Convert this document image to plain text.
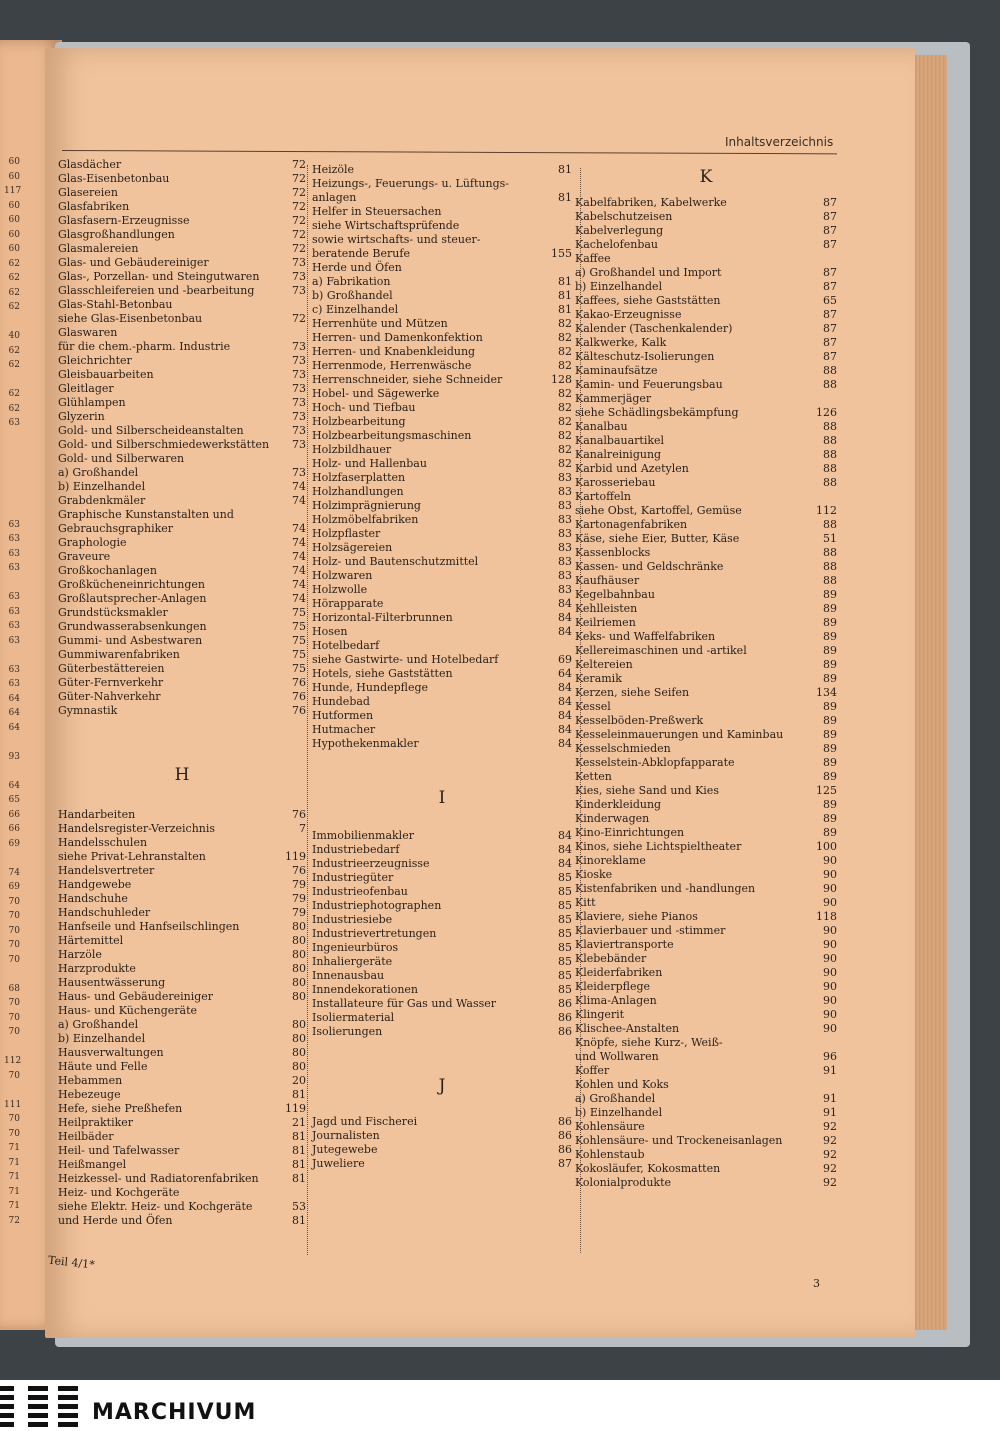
60
60
117
60
60
60
60
62
62
62
62
40
62
62
62
62
63
63
63
63
63
63
63
63
63
63
63
64
64
64
93
64
65
66
66
69
74
69
70
70
70
70
70
68
70
70
70
112
70
111
70
70
71
71
71
71
71
72
Inhaltsverzeichnis
Glasdächer	72
Glas-Eisenbetonbau	72
Glasereien	72
Glasfabriken	72
Glasfasern-Erzeugnisse	72
Glasgroßhandlungen	72
Glasmalereien	72
Glas- und Gebäudereiniger	73
Glas-, Porzellan- und Steingutwaren	73
Glasschleifereien und -bearbeitung	73
Glas-Stahl-Betonbau
siehe Glas-Eisenbetonbau	72
Glaswaren
für die chem.-pharm. Industrie	73
Gleichrichter	73
Gleisbauarbeiten	73
Gleitlager	73
Glühlampen	73
Glyzerin	73
Gold- und Silberscheideanstalten	73
Gold- und Silberschmiedewerkstätten	73
Gold- und Silberwaren
a) Großhandel	73
b) Einzelhandel	74
Grabdenkmäler	74
Graphische Kunstanstalten und
Gebrauchsgraphiker	74
Graphologie	74
Graveure	74
Großkochanlagen	74
Großkücheneinrichtungen	74
Großlautsprecher-Anlagen	74
Grundstücksmakler	75
Grundwasserabsenkungen	75
Gummi- und Asbestwaren	75
Gummiwarenfabriken	75
Güterbestättereien	75
Güter-Fernverkehr	76
Güter-Nahverkehr	76
Gymnastik	76
H
Handarbeiten	76
Handelsregister-Verzeichnis	7
Handelsschulen
siehe Privat-Lehranstalten	119
Handelsvertreter	76
Handgewebe	79
Handschuhe	79
Handschuhleder	79
Hanfseile und Hanfseilschlingen	80
Härtemittel	80
Harzöle	80
Harzprodukte	80
Hausentwässerung	80
Haus- und Gebäudereiniger	80
Haus- und Küchengeräte
a) Großhandel	80
b) Einzelhandel	80
Hausverwaltungen	80
Häute und Felle	80
Hebammen	20
Hebezeuge	81
Hefe, siehe Preßhefen	119
Heilpraktiker	21
Heilbäder	81
Heil- und Tafelwasser	81
Heißmangel	81
Heizkessel- und Radiatorenfabriken	81
Heiz- und Kochgeräte
siehe Elektr. Heiz- und Kochgeräte	53
und Herde und Öfen	81
Heizöle	81
Heizungs-, Feuerungs- u. Lüftungs-
anlagen	81
Helfer in Steuersachen
siehe Wirtschaftsprüfende
sowie wirtschafts- und steuer-
beratende Berufe	155
Herde und Öfen
a) Fabrikation	81
b) Großhandel	81
c) Einzelhandel	81
Herrenhüte und Mützen	82
Herren- und Damenkonfektion	82
Herren- und Knabenkleidung	82
Herrenmode, Herrenwäsche	82
Herrenschneider, siehe Schneider	128
Hobel- und Sägewerke	82
Hoch- und Tiefbau	82
Holzbearbeitung	82
Holzbearbeitungsmaschinen	82
Holzbildhauer	82
Holz- und Hallenbau	82
Holzfaserplatten	83
Holzhandlungen	83
Holzimprägnierung	83
Holzmöbelfabriken	83
Holzpflaster	83
Holzsägereien	83
Holz- und Bautenschutzmittel	83
Holzwaren	83
Holzwolle	83
Hörapparate	84
Horizontal-Filterbrunnen	84
Hosen	84
Hotelbedarf
siehe Gastwirte- und Hotelbedarf	69
Hotels, siehe Gaststätten	64
Hunde, Hundepflege	84
Hundebad	84
Hutformen	84
Hutmacher	84
Hypothekenmakler	84
I
Immobilienmakler	84
Industriebedarf	84
Industrieerzeugnisse	84
Industriegüter	85
Industrieofenbau	85
Industriephotographen	85
Industriesiebe	85
Industrievertretungen	85
Ingenieurbüros	85
Inhaliergeräte	85
Innenausbau	85
Innendekorationen	85
Installateure für Gas und Wasser	86
Isoliermaterial	86
Isolierungen	86
J
Jagd und Fischerei	86
Journalisten	86
Jutegewebe	86
Juweliere	87
K
Kabelfabriken, Kabelwerke	87
Kabelschutzeisen	87
Kabelverlegung	87
Kachelofenbau	87
Kaffee
a) Großhandel und Import	87
b) Einzelhandel	87
Kaffees, siehe Gaststätten	65
Kakao-Erzeugnisse	87
Kalender (Taschenkalender)	87
Kalkwerke, Kalk	87
Kälteschutz-Isolierungen	87
Kaminaufsätze	88
Kamin- und Feuerungsbau	88
Kammerjäger
siehe Schädlingsbekämpfung	126
Kanalbau	88
Kanalbauartikel	88
Kanalreinigung	88
Karbid und Azetylen	88
Karosseriebau	88
Kartoffeln
siehe Obst, Kartoffel, Gemüse	112
Kartonagenfabriken	88
Käse, siehe Eier, Butter, Käse	51
Kassenblocks	88
Kassen- und Geldschränke	88
Kaufhäuser	88
Kegelbahnbau	89
Kehlleisten	89
Keilriemen	89
Keks- und Waffelfabriken	89
Kellereimaschinen und -artikel	89
Keltereien	89
Keramik	89
Kerzen, siehe Seifen	134
Kessel	89
Kesselböden-Preßwerk	89
Kesseleinmauerungen und Kaminbau	89
Kesselschmieden	89
Kesselstein-Abklopfapparate	89
Ketten	89
Kies, siehe Sand und Kies	125
Kinderkleidung	89
Kinderwagen	89
Kino-Einrichtungen	89
Kinos, siehe Lichtspieltheater	100
Kinoreklame	90
Kioske	90
Kistenfabriken und -handlungen	90
Kitt	90
Klaviere, siehe Pianos	118
Klavierbauer und -stimmer	90
Klaviertransporte	90
Klebebänder	90
Kleiderfabriken	90
Kleiderpflege	90
Klima-Anlagen	90
Klingerit	90
Klischee-Anstalten	90
Knöpfe, siehe Kurz-, Weiß-
und Wollwaren	96
Koffer	91
Kohlen und Koks
a) Großhandel	91
b) Einzelhandel	91
Kohlensäure	92
Kohlensäure- und Trockeneisanlagen	92
Kohlenstaub	92
Kokosläufer, Kokosmatten	92
Kolonialprodukte	92
Teil 4/1*
3
MARCHIVUM
